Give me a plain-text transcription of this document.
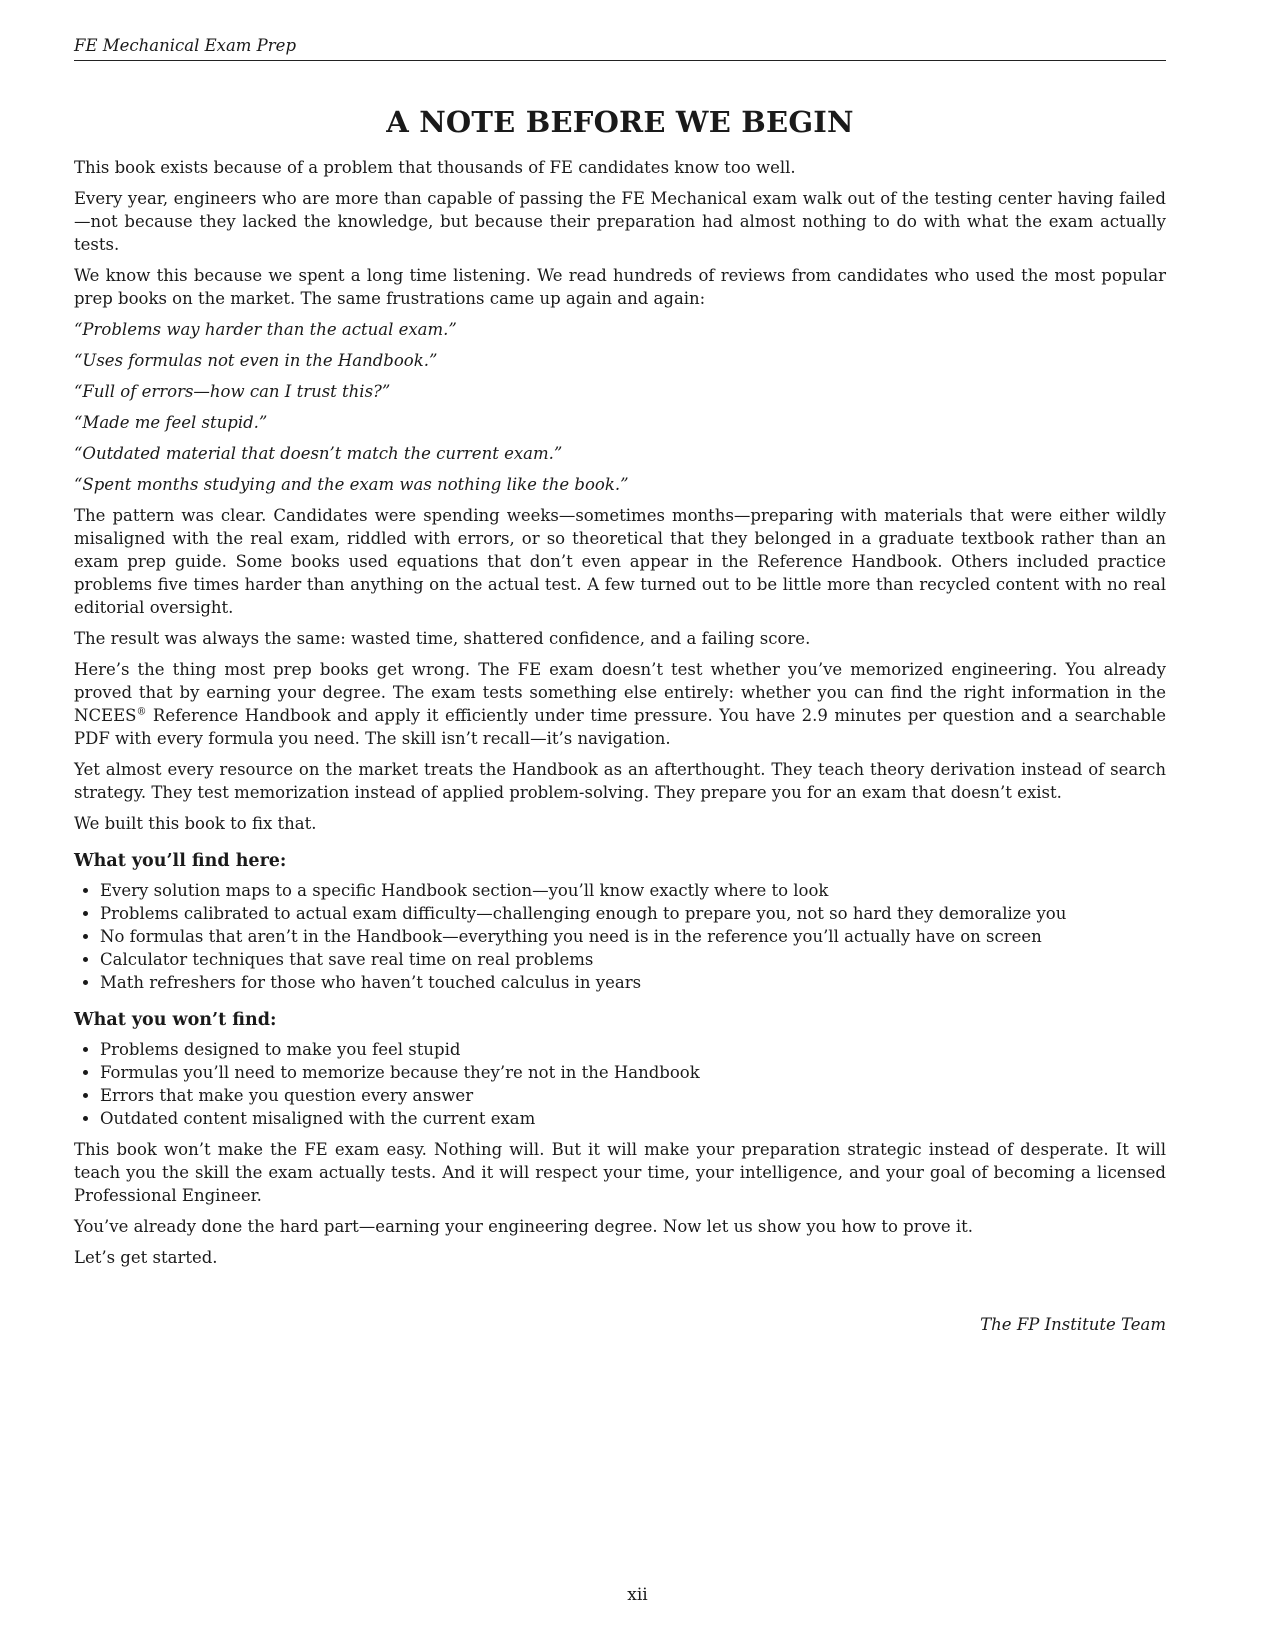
FE Mechanical Exam Prep
A NOTE BEFORE WE BEGIN

This book exists because of a problem that thousands of FE candidates know too well.

Every year, engineers who are more than capable of passing the FE Mechanical exam walk out of the testing center having failed—not because they lacked the knowledge, but because their preparation had almost nothing to do with what the exam actually tests.

We know this because we spent a long time listening. We read hundreds of reviews from candidates who used the most popular prep books on the market. The same frustrations came up again and again:

“Problems way harder than the actual exam.”

“Uses formulas not even in the Handbook.”

“Full of errors—how can I trust this?”

“Made me feel stupid.”

“Outdated material that doesn’t match the current exam.”

“Spent months studying and the exam was nothing like the book.”

The pattern was clear. Candidates were spending weeks—sometimes months—preparing with materials that were either wildly misaligned with the real exam, riddled with errors, or so theoretical that they belonged in a graduate textbook rather than an exam prep guide. Some books used equations that don’t even appear in the Reference Handbook. Others included practice problems five times harder than anything on the actual test. A few turned out to be little more than recycled content with no real editorial oversight.

The result was always the same: wasted time, shattered confidence, and a failing score.

Here’s the thing most prep books get wrong. The FE exam doesn’t test whether you’ve memorized engineering. You already proved that by earning your degree. The exam tests something else entirely: whether you can find the right information in the NCEES® Reference Handbook and apply it efficiently under time pressure. You have 2.9 minutes per question and a searchable PDF with every formula you need. The skill isn’t recall—it’s navigation.

Yet almost every resource on the market treats the Handbook as an afterthought. They teach theory derivation instead of search strategy. They test memorization instead of applied problem-solving. They prepare you for an exam that doesn’t exist.

We built this book to fix that.

What you’ll find here:
• Every solution maps to a specific Handbook section—you’ll know exactly where to look
• Problems calibrated to actual exam difficulty—challenging enough to prepare you, not so hard they demoralize you
• No formulas that aren’t in the Handbook—everything you need is in the reference you’ll actually have on screen
• Calculator techniques that save real time on real problems
• Math refreshers for those who haven’t touched calculus in years
What you won’t find:
• Problems designed to make you feel stupid
• Formulas you’ll need to memorize because they’re not in the Handbook
• Errors that make you question every answer
• Outdated content misaligned with the current exam

This book won’t make the FE exam easy. Nothing will. But it will make your preparation strategic instead of desperate. It will teach you the skill the exam actually tests. And it will respect your time, your intelligence, and your goal of becoming a licensed Professional Engineer.

You’ve already done the hard part—earning your engineering degree. Now let us show you how to prove it.

Let’s get started.

The FP Institute Team

xii
